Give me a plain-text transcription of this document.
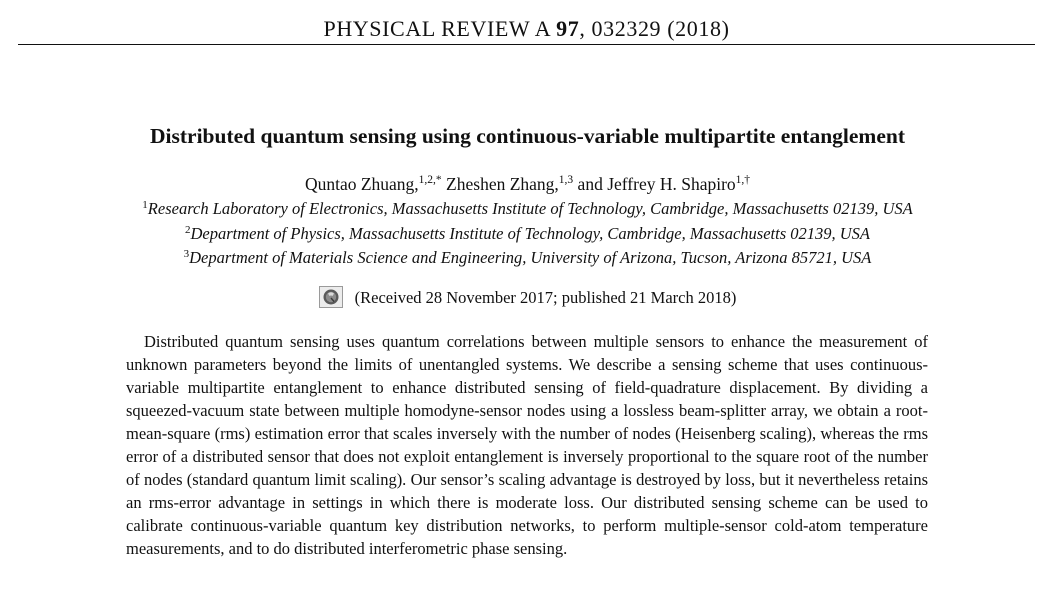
PHYSICAL REVIEW A 97, 032329 (2018)
Distributed quantum sensing using continuous-variable multipartite entanglement
Quntao Zhuang,$^{1,2,*}$ Zheshen Zhang,$^{1,3}$ and Jeffrey H. Shapiro$^{1,\dagger}$
$^1$Research Laboratory of Electronics, Massachusetts Institute of Technology, Cambridge, Massachusetts 02139, USA
$^2$Department of Physics, Massachusetts Institute of Technology, Cambridge, Massachusetts 02139, USA
$^3$Department of Materials Science and Engineering, University of Arizona, Tucson, Arizona 85721, USA
(Received 28 November 2017; published 21 March 2018)

Distributed quantum sensing uses quantum correlations between multiple sensors to enhance the measurement of unknown parameters beyond the limits of unentangled systems. We describe a sensing scheme that uses continuous-variable multipartite entanglement to enhance distributed sensing of field-quadrature displacement. By dividing a squeezed-vacuum state between multiple homodyne-sensor nodes using a lossless beam-splitter array, we obtain a root-mean-square (rms) estimation error that scales inversely with the number of nodes (Heisenberg scaling), whereas the rms error of a distributed sensor that does not exploit entanglement is inversely proportional to the square root of the number of nodes (standard quantum limit scaling). Our sensor’s scaling advantage is destroyed by loss, but it nevertheless retains an rms-error advantage in settings in which there is moderate loss. Our distributed sensing scheme can be used to calibrate continuous-variable quantum key distribution networks, to perform multiple-sensor cold-atom temperature measurements, and to do distributed interferometric phase sensing.
